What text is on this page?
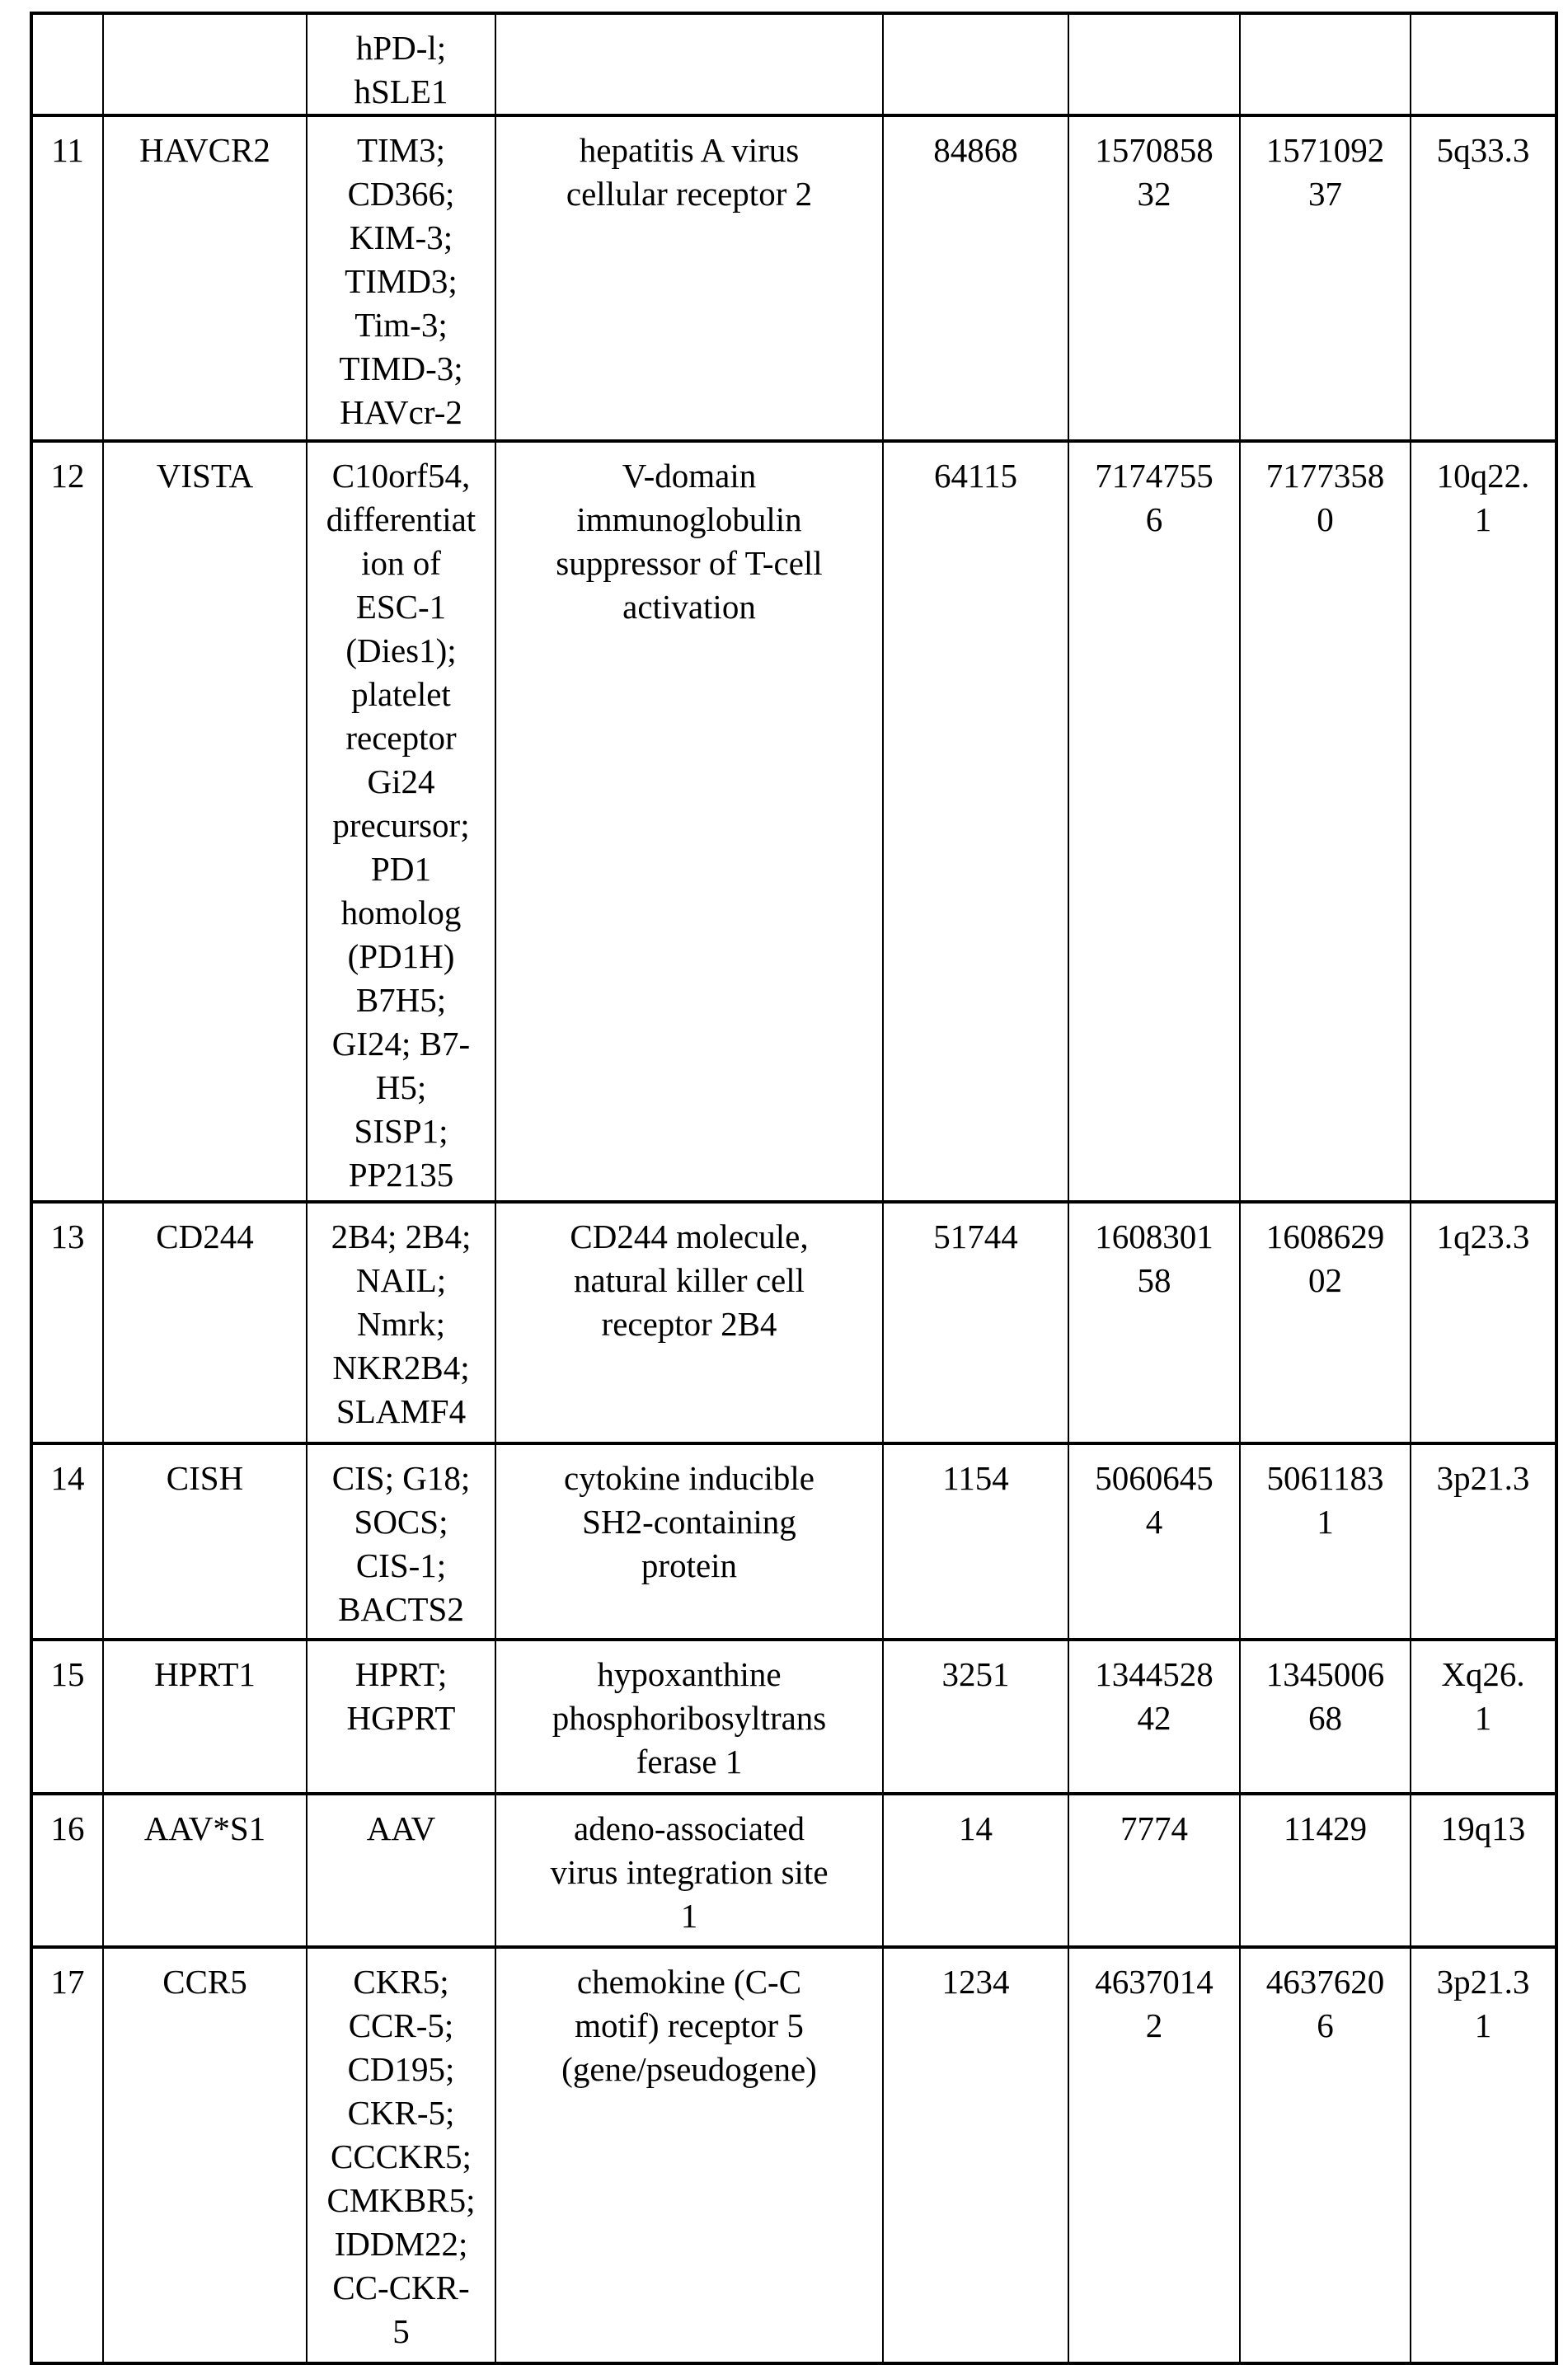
hPD-l;
hSLE1

11	HAVCR2	TIM3;
CD366;
KIM-3;
TIMD3;
Tim-3;
TIMD-3;
HAVcr-2

hepatitis A virus
cellular receptor 2

84868	1570858
32

1571092
37

5q33.3

12	VISTA	C10orf54,
differentiat
ion of
ESC-1
(Dies1);
platelet
receptor
Gi24
precursor;
PD1
homolog
(PD1H)
B7H5;
GI24; B7-
H5;
SISP1;
PP2135

V-domain
immunoglobulin
suppressor of T-cell
activation

64115	7174755
6

7177358
0

10q22.
1

13	CD244	2B4; 2B4;
NAIL;
Nmrk;
NKR2B4;
SLAMF4

CD244 molecule,
natural killer cell
receptor 2B4

51744	1608301
58

1608629
02

1q23.3

14	CISH	CIS; G18;
SOCS;
CIS-1;
BACTS2

cytokine inducible
SH2-containing
protein

1154	5060645
4

5061183
1

3p21.3

15	HPRT1	HPRT;
HGPRT

hypoxanthine
phosphoribosyltrans
ferase 1

3251	1344528
42

1345006
68

Xq26.
1

16	AAV*S1	AAV	adeno-associated
virus integration site
1

14	7774	11429	19q13

17	CCR5	CKR5;
CCR-5;
CD195;
CKR-5;
CCCKR5;
CMKBR5;
IDDM22;
CC-CKR-
5

chemokine (C-C
motif) receptor 5
(gene/pseudogene)

1234	4637014
2

4637620
6

3p21.3
1
